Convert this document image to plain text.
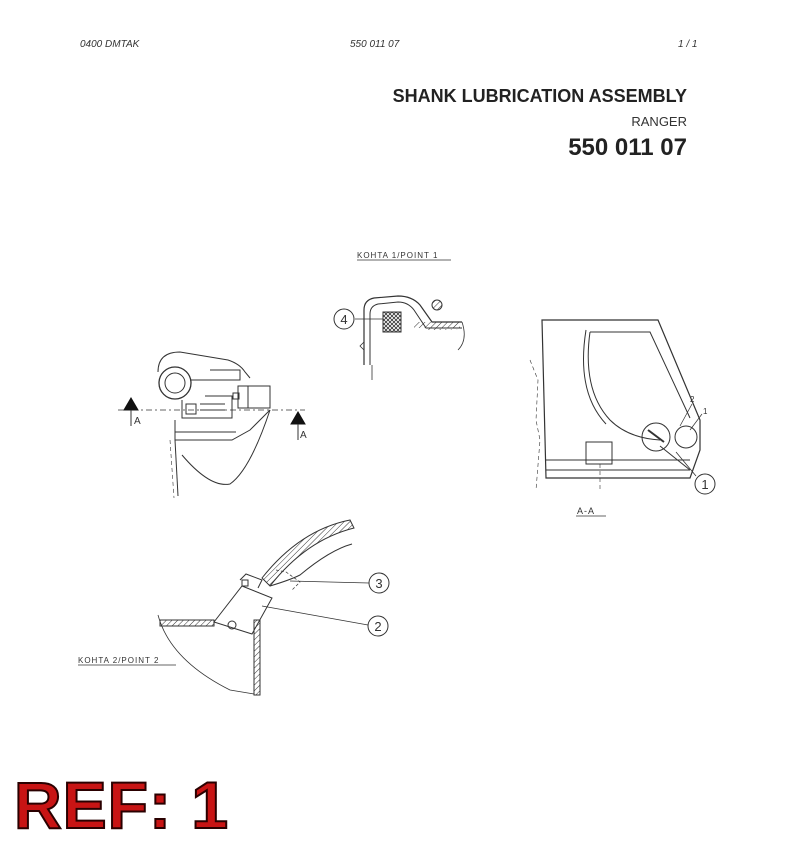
0400 DMTAK	550 011 07	1 / 1
SHANK LUBRICATION ASSEMBLY
RANGER
550 011 07
KOHTA 1/POINT 1
4
A
A
2
1
1
A-A
3
2
KOHTA 2/POINT 2
REF: 1
